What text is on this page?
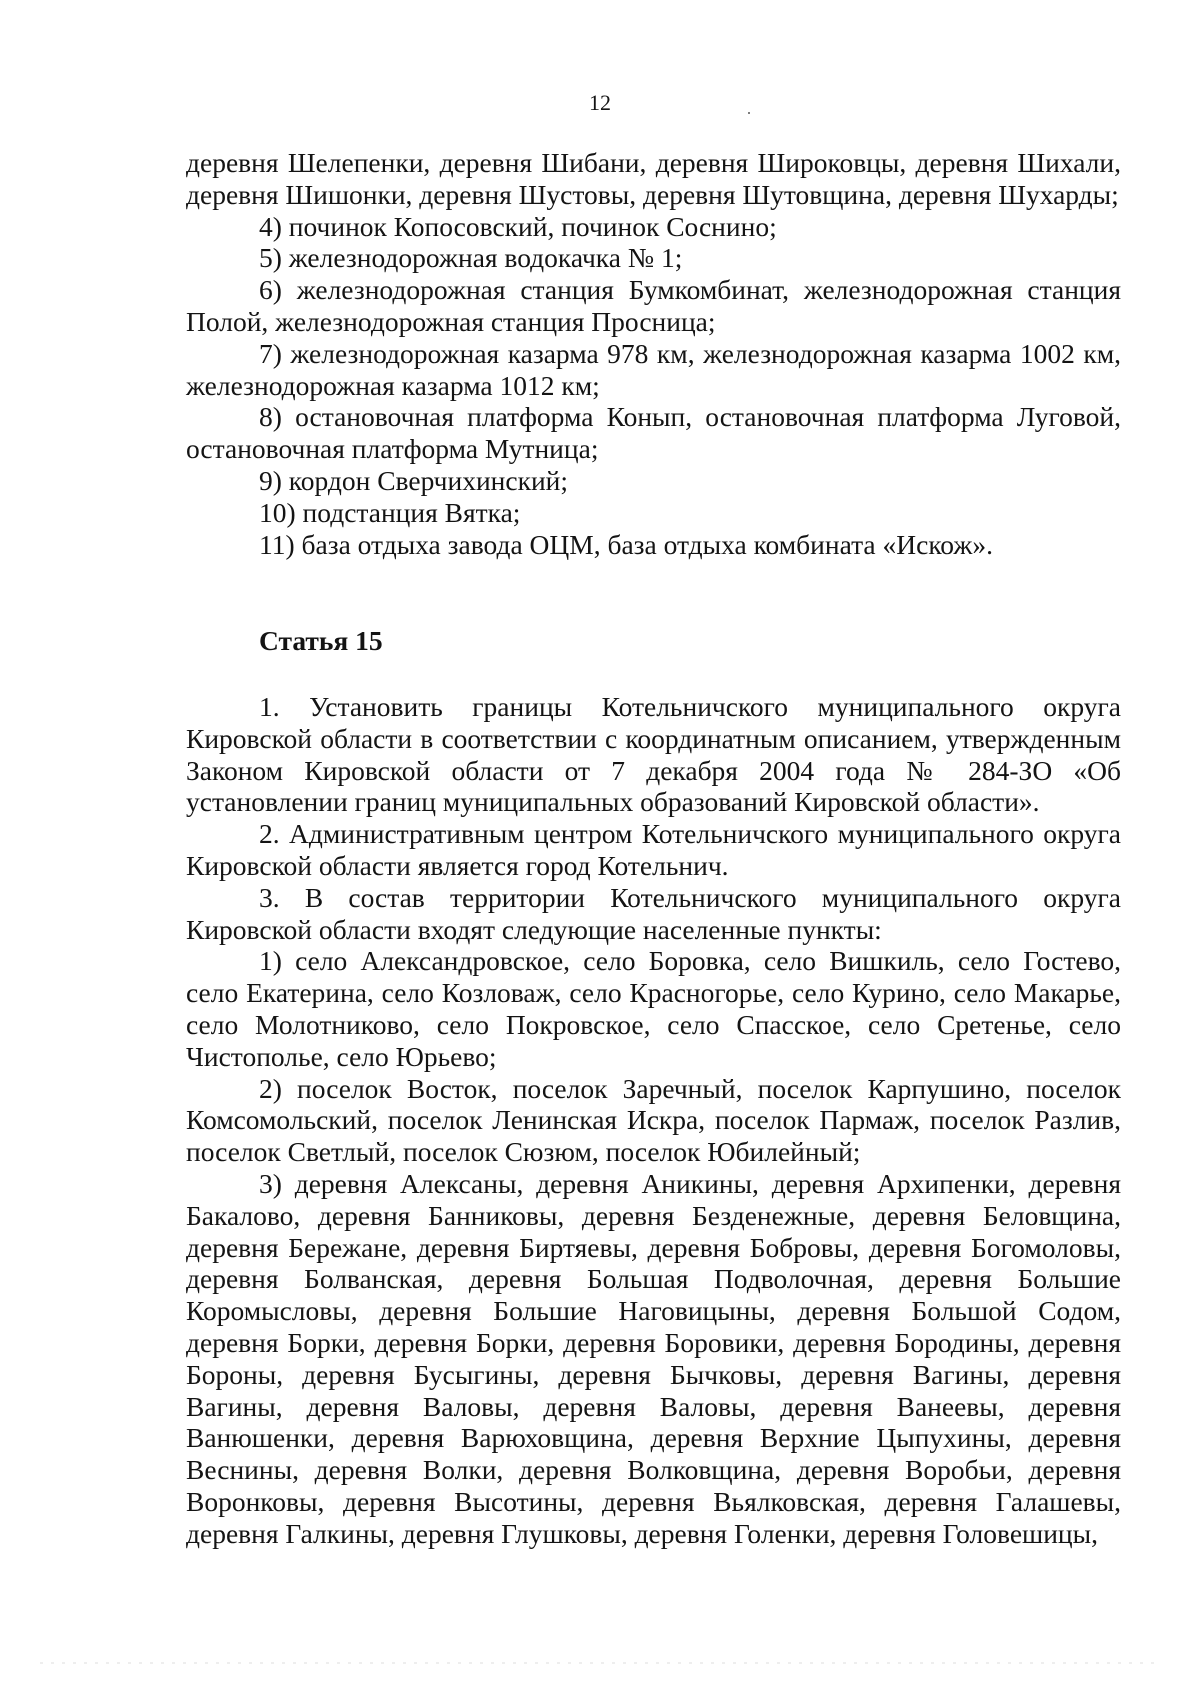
12

деревня Шелепенки, деревня Шибани, деревня Широковцы, деревня Шихали, деревня Шишонки, деревня Шустовы, деревня Шутовщина, деревня Шухарды;

4) починок Копосовский, починок Соснино;

5) железнодорожная водокачка № 1;

6) железнодорожная станция Бумкомбинат, железнодорожная станция Полой, железнодорожная станция Просница;

7) железнодорожная казарма 978 км, железнодорожная казарма 1002 км, железнодорожная казарма 1012 км;

8) остановочная платформа Конып, остановочная платформа Луговой, остановочная платформа Мутница;

9) кордон Сверчихинский;

10) подстанция Вятка;

11) база отдыха завода ОЦМ, база отдыха комбината «Искож».

Статья 15

1. Установить границы Котельничского муниципального округа Кировской области в соответствии с координатным описанием, утвержденным Законом Кировской области от 7 декабря 2004 года № 284-ЗО «Об установлении границ муниципальных образований Кировской области».

2. Административным центром Котельничского муниципального округа Кировской области является город Котельнич.

3. В состав территории Котельничского муниципального округа Кировской области входят следующие населенные пункты:

1) село Александровское, село Боровка, село Вишкиль, село Гостево, село Екатерина, село Козловаж, село Красногорье, село Курино, село Макарье, село Молотниково, село Покровское, село Спасское, село Сретенье, село Чистополье, село Юрьево;

2) поселок Восток, поселок Заречный, поселок Карпушино, поселок Комсомольский, поселок Ленинская Искра, поселок Пармаж, поселок Разлив, поселок Светлый, поселок Сюзюм, поселок Юбилейный;

3) деревня Алексаны, деревня Аникины, деревня Архипенки, деревня Бакалово, деревня Банниковы, деревня Безденежные, деревня Беловщина, деревня Бережане, деревня Биртяевы, деревня Бобровы, деревня Богомоловы, деревня Болванская, деревня Большая Подволочная, деревня Большие Коромысловы, деревня Большие Наговицыны, деревня Большой Содом, деревня Борки, деревня Борки, деревня Боровики, деревня Бородины, деревня Бороны, деревня Бусыгины, деревня Бычковы, деревня Вагины, деревня Вагины, деревня Валовы, деревня Валовы, деревня Ванеевы, деревня Ванюшенки, деревня Варюховщина, деревня Верхние Цыпухины, деревня Веснины, деревня Волки, деревня Волковщина, деревня Воробьи, деревня Воронковы, деревня Высотины, деревня Вьялковская, деревня Галашевы, деревня Галкины, деревня Глушковы, деревня Голенки, деревня Головешицы,
